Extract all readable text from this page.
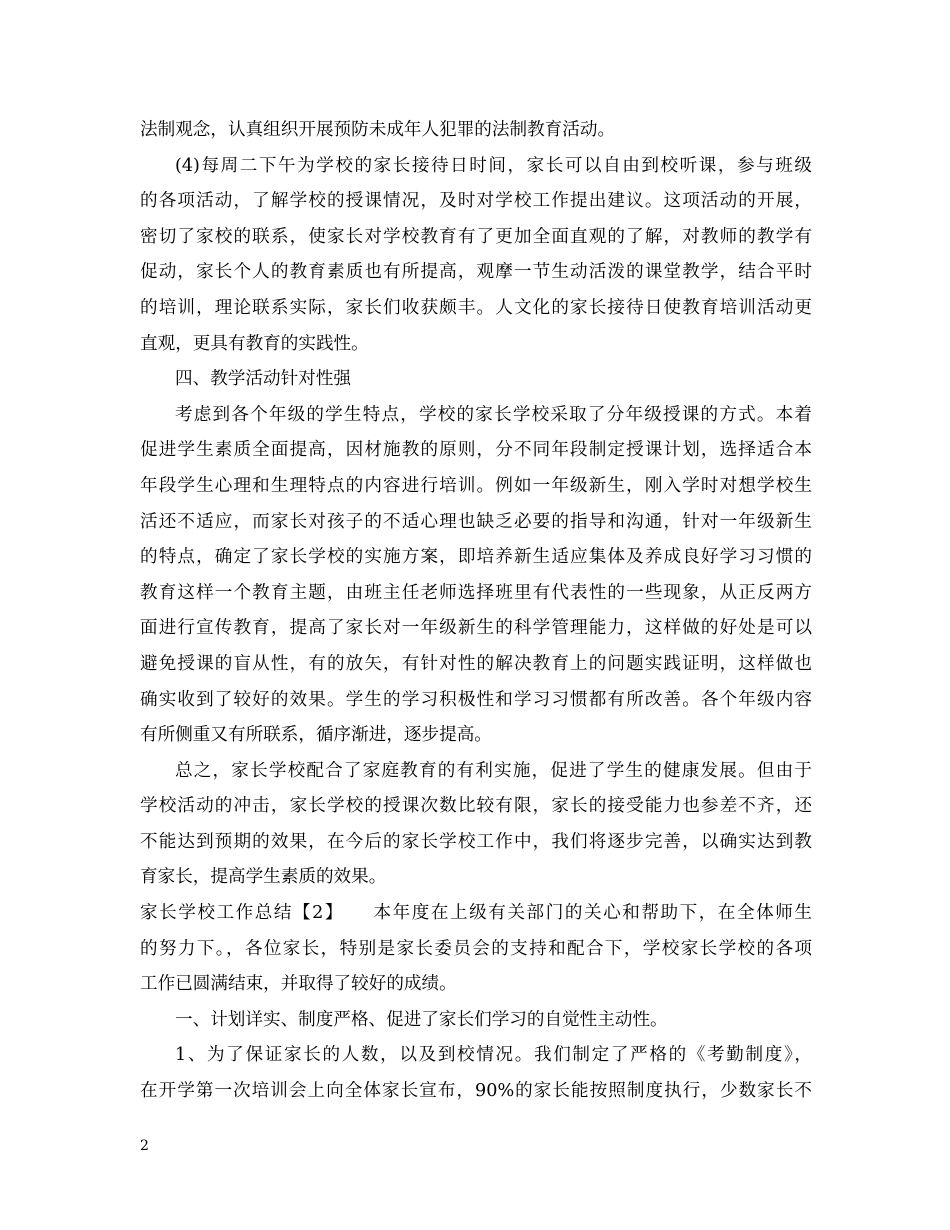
法制观念，认真组织开展预防未成年人犯罪的法制教育活动。
(4)每周二下午为学校的家长接待日时间，家长可以自由到校听课，参与班级
的各项活动，了解学校的授课情况，及时对学校工作提出建议。这项活动的开展，
密切了家校的联系，使家长对学校教育有了更加全面直观的了解，对教师的教学有
促动，家长个人的教育素质也有所提高，观摩一节生动活泼的课堂教学，结合平时
的培训，理论联系实际，家长们收获颇丰。人文化的家长接待日使教育培训活动更
直观，更具有教育的实践性。
四、教学活动针对性强
考虑到各个年级的学生特点，学校的家长学校采取了分年级授课的方式。本着
促进学生素质全面提高，因材施教的原则，分不同年段制定授课计划，选择适合本
年段学生心理和生理特点的内容进行培训。例如一年级新生，刚入学时对想学校生
活还不适应，而家长对孩子的不适心理也缺乏必要的指导和沟通，针对一年级新生
的特点，确定了家长学校的实施方案，即培养新生适应集体及养成良好学习习惯的
教育这样一个教育主题，由班主任老师选择班里有代表性的一些现象，从正反两方
面进行宣传教育，提高了家长对一年级新生的科学管理能力，这样做的好处是可以
避免授课的盲从性，有的放矢，有针对性的解决教育上的问题实践证明，这样做也
确实收到了较好的效果。学生的学习积极性和学习习惯都有所改善。各个年级内容
有所侧重又有所联系，循序渐进，逐步提高。
总之，家长学校配合了家庭教育的有利实施，促进了学生的健康发展。但由于
学校活动的冲击，家长学校的授课次数比较有限，家长的接受能力也参差不齐，还
不能达到预期的效果，在今后的家长学校工作中，我们将逐步完善，以确实达到教
育家长，提高学生素质的效果。
家长学校工作总结【2】　　本年度在上级有关部门的关心和帮助下，在全体师生
的努力下。，各位家长，特别是家长委员会的支持和配合下，学校家长学校的各项
工作已圆满结束，并取得了较好的成绩。
一、计划详实、制度严格、促进了家长们学习的自觉性主动性。
1、为了保证家长的人数，以及到校情况。我们制定了严格的《考勤制度》，
在开学第一次培训会上向全体家长宣布，90%的家长能按照制度执行，少数家长不
2
